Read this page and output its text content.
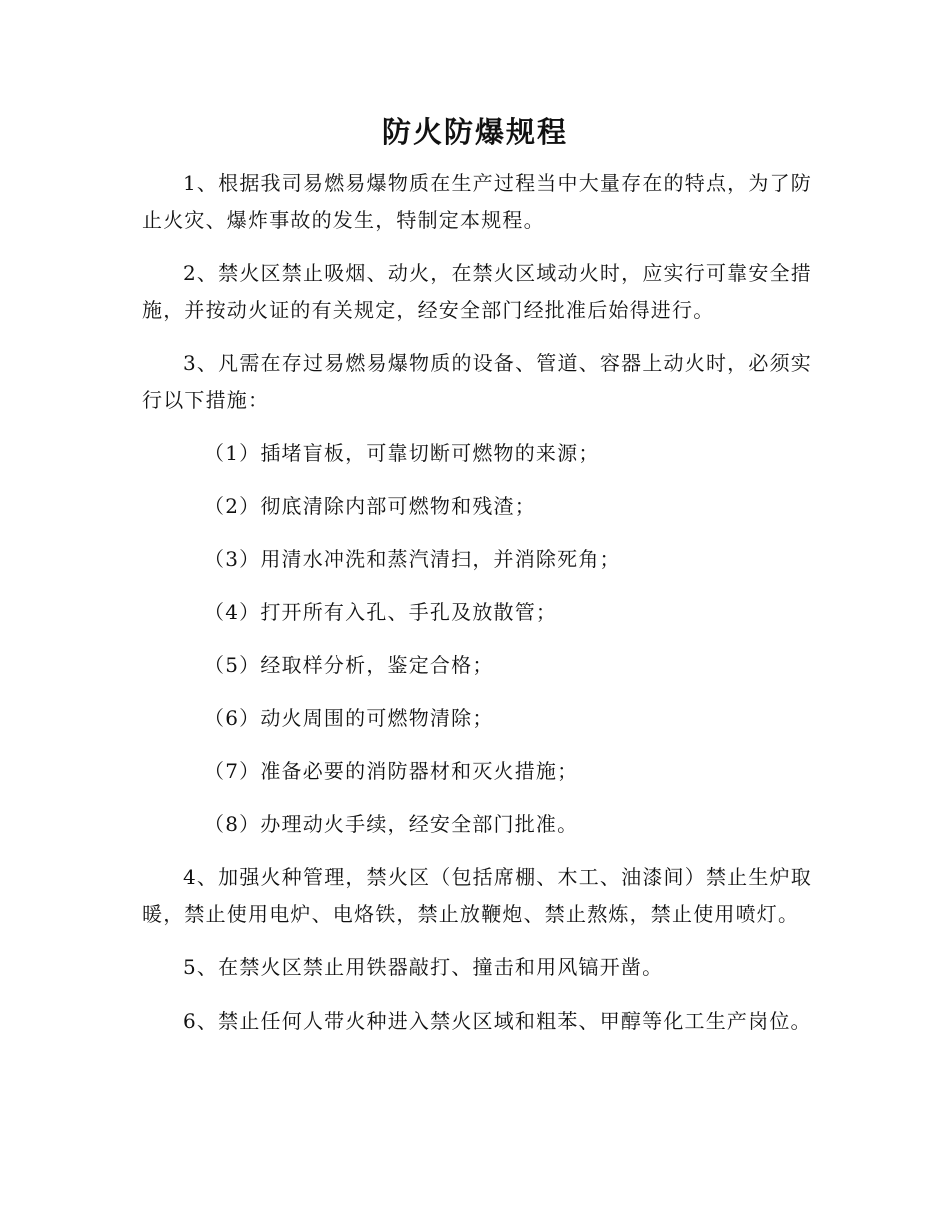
防火防爆规程

1、根据我司易燃易爆物质在生产过程当中大量存在的特点，为了防止火灾、爆炸事故的发生，特制定本规程。

2、禁火区禁止吸烟、动火，在禁火区域动火时，应实行可靠安全措施，并按动火证的有关规定，经安全部门经批准后始得进行。

3、凡需在存过易燃易爆物质的设备、管道、容器上动火时，必须实行以下措施：

（1）插堵盲板，可靠切断可燃物的来源；

（2）彻底清除内部可燃物和残渣；

（3）用清水冲洗和蒸汽清扫，并消除死角；

（4）打开所有入孔、手孔及放散管；

（5）经取样分析，鉴定合格；

（6）动火周围的可燃物清除；

（7）准备必要的消防器材和灭火措施；

（8）办理动火手续，经安全部门批准。

4、加强火种管理，禁火区（包括席棚、木工、油漆间）禁止生炉取暖，禁止使用电炉、电烙铁，禁止放鞭炮、禁止熬炼，禁止使用喷灯。

5、在禁火区禁止用铁器敲打、撞击和用风镐开凿。

6、禁止任何人带火种进入禁火区域和粗苯、甲醇等化工生产岗位。
